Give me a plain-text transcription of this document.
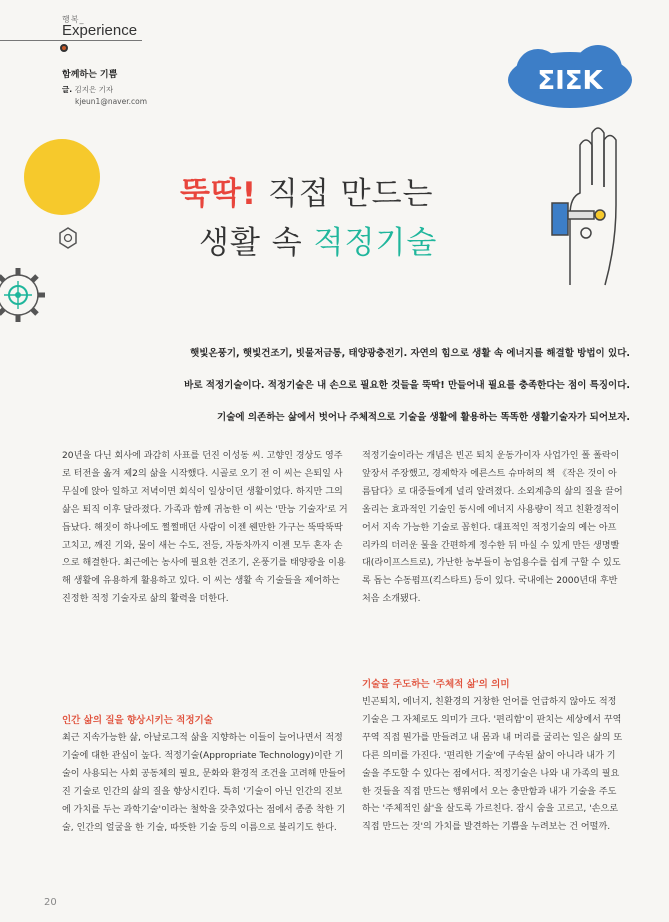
행복_
Experience
함께하는 기쁨
글. 김지은 기자
kjeun1@naver.com
ΣΙΣΚ
뚝딱! 직접 만드는
생활 속 적정기술
햇빛온풍기, 햇빛건조기, 빗물저금통, 태양광충전기. 자연의 힘으로 생활 속 에너지를 해결할 방법이 있다.
바로 적정기술이다. 적정기술은 내 손으로 필요한 것들을 뚝딱! 만들어내 필요를 충족한다는 점이 특징이다.
기술에 의존하는 삶에서 벗어나 주체적으로 기술을 생활에 활용하는 똑똑한 생활기술자가 되어보자.

20년을 다닌 회사에 과감히 사표를 던진 이성동 씨. 고향인 경상도 영주로 터전을 옮겨 제2의 삶을 시작했다. 시골로 오기 전 이 씨는 은퇴일 사무실에 앉아 일하고 저녁이면 회식이 일상이던 생활이었다. 하지만 그의 삶은 퇴직 이후 달라졌다. 가족과 함께 귀농한 이 씨는 '만능 기술자'로 거듭났다. 해짓이 하나에도 쩔쩔매던 사람이 이젠 웬만한 가구는 뚝딱뚝딱 고치고, 깨진 기와, 물이 새는 수도, 전등, 자동차까지 이젠 모두 혼자 손으로 해결한다. 최근에는 농사에 필요한 건조기, 온풍기를 태양광을 이용해 생활에 유용하게 활용하고 있다. 이 씨는 생활 속 기술들을 제어하는 진정한 적정 기술자로 삶의 활력을 더한다.

인간 삶의 질을 향상시키는 적정기술

최근 지속가능한 삶, 아날로그적 삶을 지향하는 이들이 늘어나면서 적정기술에 대한 관심이 높다. 적정기술(Appropriate Technology)이란 기술이 사용되는 사회 공동체의 필요, 문화와 환경적 조건을 고려해 만들어진 기술로 인간의 삶의 질을 향상시킨다. 특히 '기술이 아닌 인간의 진보에 가치를 두는 과학기술'이라는 철학을 갖추었다는 점에서 종종 착한 기술, 인간의 얼굴을 한 기술, 따뜻한 기술 등의 이름으로 불리기도 한다.

적정기술이라는 개념은 빈곤 퇴치 운동가이자 사업가인 폴 폴락이 앞장서 주장했고, 경제학자 에른스트 슈마허의 책 《작은 것이 아름답다》로 대중들에게 널리 알려졌다. 소외계층의 삶의 질을 끌어올리는 효과적인 기술인 동시에 에너지 사용량이 적고 친환경적이어서 지속 가능한 기술로 꼽힌다. 대표적인 적정기술의 예는 아프리카의 더러운 물을 간편하게 정수한 뒤 마실 수 있게 만든 생명빨대(라이프스트로), 가난한 농부들이 농업용수를 쉽게 구할 수 있도록 돕는 수동펌프(킥스타트) 등이 있다. 국내에는 2000년대 후반 처음 소개됐다.

기술을 주도하는 '주체적 삶'의 의미

빈곤퇴치, 에너지, 친환경의 거창한 언어를 언급하지 않아도 적정기술은 그 자체로도 의미가 크다. '편리함'이 판치는 세상에서 꾸역꾸역 직접 뭔가를 만들려고 내 몸과 내 머리를 굴리는 일은 삶의 또 다른 의미를 가진다. '편리한 기술'에 구속된 삶이 아니라 내가 기술을 주도할 수 있다는 점에서다. 적정기술은 나와 내 가족의 필요한 것들을 직접 만드는 행위에서 오는 충만함과 내가 기술을 주도하는 '주체적인 삶'을 살도록 가르친다. 잠시 숨을 고르고, '손으로 직접 만드는 것'의 가치를 발견하는 기쁨을 누려보는 건 어떨까.

20
